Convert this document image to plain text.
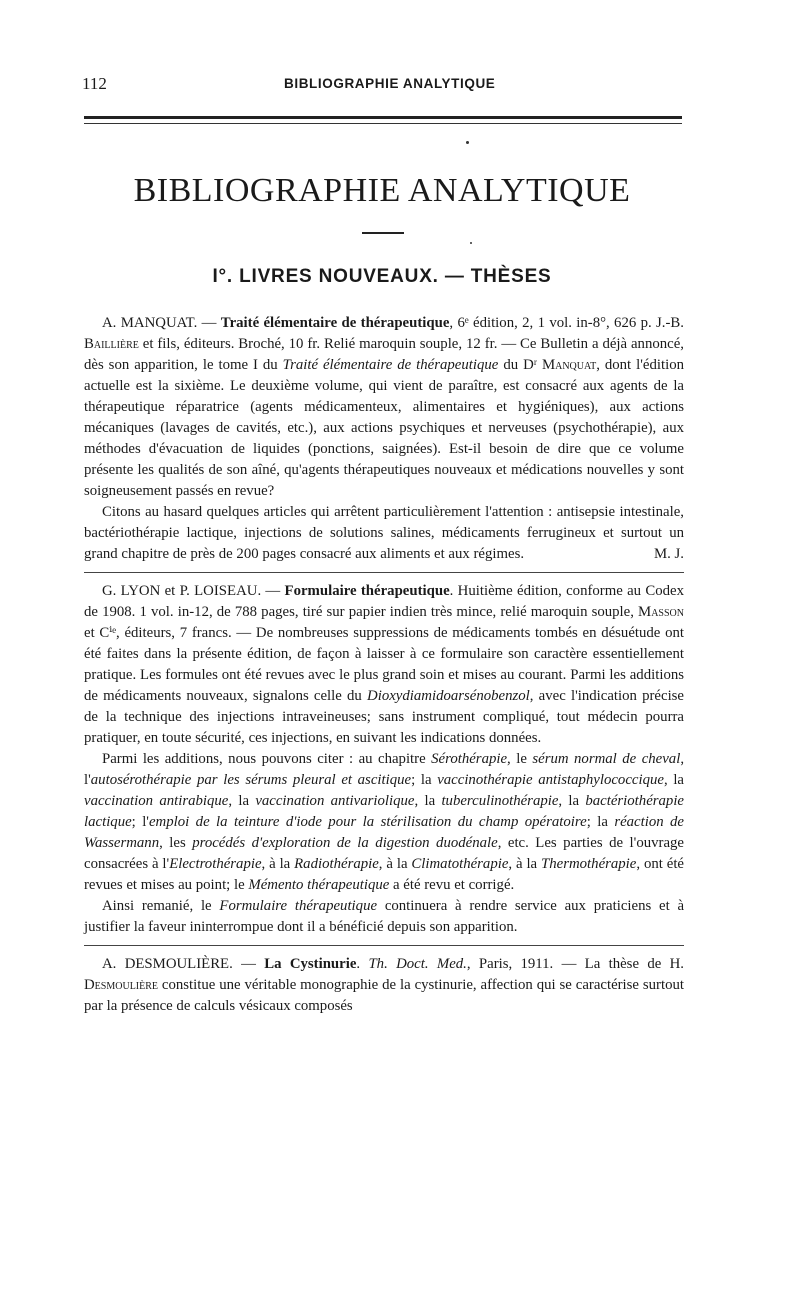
112	BIBLIOGRAPHIE ANALYTIQUE
BIBLIOGRAPHIE ANALYTIQUE
I°. LIVRES NOUVEAUX. — THÈSES

A. MANQUAT. — Traité élémentaire de thérapeutique, 6ᵉ édition, 2, 1 vol. in-8°, 626 p. J.-B. Baillière et fils, éditeurs. Broché, 10 fr. Relié maroquin souple, 12 fr. — Ce Bulletin a déjà annoncé, dès son apparition, le tome I du Traité élémentaire de thérapeutique du Dʳ Manquat, dont l'édition actuelle est la sixième. Le deuxième volume, qui vient de paraître, est consacré aux agents de la thérapeutique réparatrice (agents médicamenteux, alimentaires et hygiéniques), aux actions mécaniques (lavages de cavités, etc.), aux actions psychiques et nerveuses (psychothérapie), aux méthodes d'évacuation de liquides (ponctions, saignées). Est-il besoin de dire que ce volume présente les qualités de son aîné, qu'agents thérapeutiques nouveaux et médications nouvelles y sont soigneusement passés en revue?

Citons au hasard quelques articles qui arrêtent particulièrement l'attention : antisepsie intestinale, bactériothérapie lactique, injections de solutions salines, médicaments ferrugineux et surtout un grand chapitre de près de 200 pages consacré aux aliments et aux régimes.	M. J.

G. LYON et P. LOISEAU. — Formulaire thérapeutique. Huitième édition, conforme au Codex de 1908. 1 vol. in-12, de 788 pages, tiré sur papier indien très mince, relié maroquin souple, Masson et Cⁱᵉ, éditeurs, 7 francs. — De nombreuses suppressions de médicaments tombés en désuétude ont été faites dans la présente édition, de façon à laisser à ce formulaire son caractère essentiellement pratique. Les formules ont été revues avec le plus grand soin et mises au courant. Parmi les additions de médicaments nouveaux, signalons celle du Dioxydiamidoarsénobenzol, avec l'indication précise de la technique des injections intraveineuses; sans instrument compliqué, tout médecin pourra pratiquer, en toute sécurité, ces injections, en suivant les indications données.

Parmi les additions, nous pouvons citer : au chapitre Sérothérapie, le sérum normal de cheval, l'autosérothérapie par les sérums pleural et ascitique; la vaccinothérapie antistaphylococcique, la vaccination antirabique, la vaccination antivariolique, la tuberculinothérapie, la bactériothérapie lactique; l'emploi de la teinture d'iode pour la stérilisation du champ opératoire; la réaction de Wassermann, les procédés d'exploration de la digestion duodénale, etc. Les parties de l'ouvrage consacrées à l'Electrothérapie, à la Radiothérapie, à la Climatothérapie, à la Thermothérapie, ont été revues et mises au point; le Mémento thérapeutique a été revu et corrigé.

Ainsi remanié, le Formulaire thérapeutique continuera à rendre service aux praticiens et à justifier la faveur ininterrompue dont il a bénéficié depuis son apparition.

A. DESMOULIÈRE. — La Cystinurie. Th. Doct. Med., Paris, 1911. — La thèse de H. Desmoulière constitue une véritable monographie de la cystinurie, affection qui se caractérise surtout par la présence de calculs vésicaux composés
